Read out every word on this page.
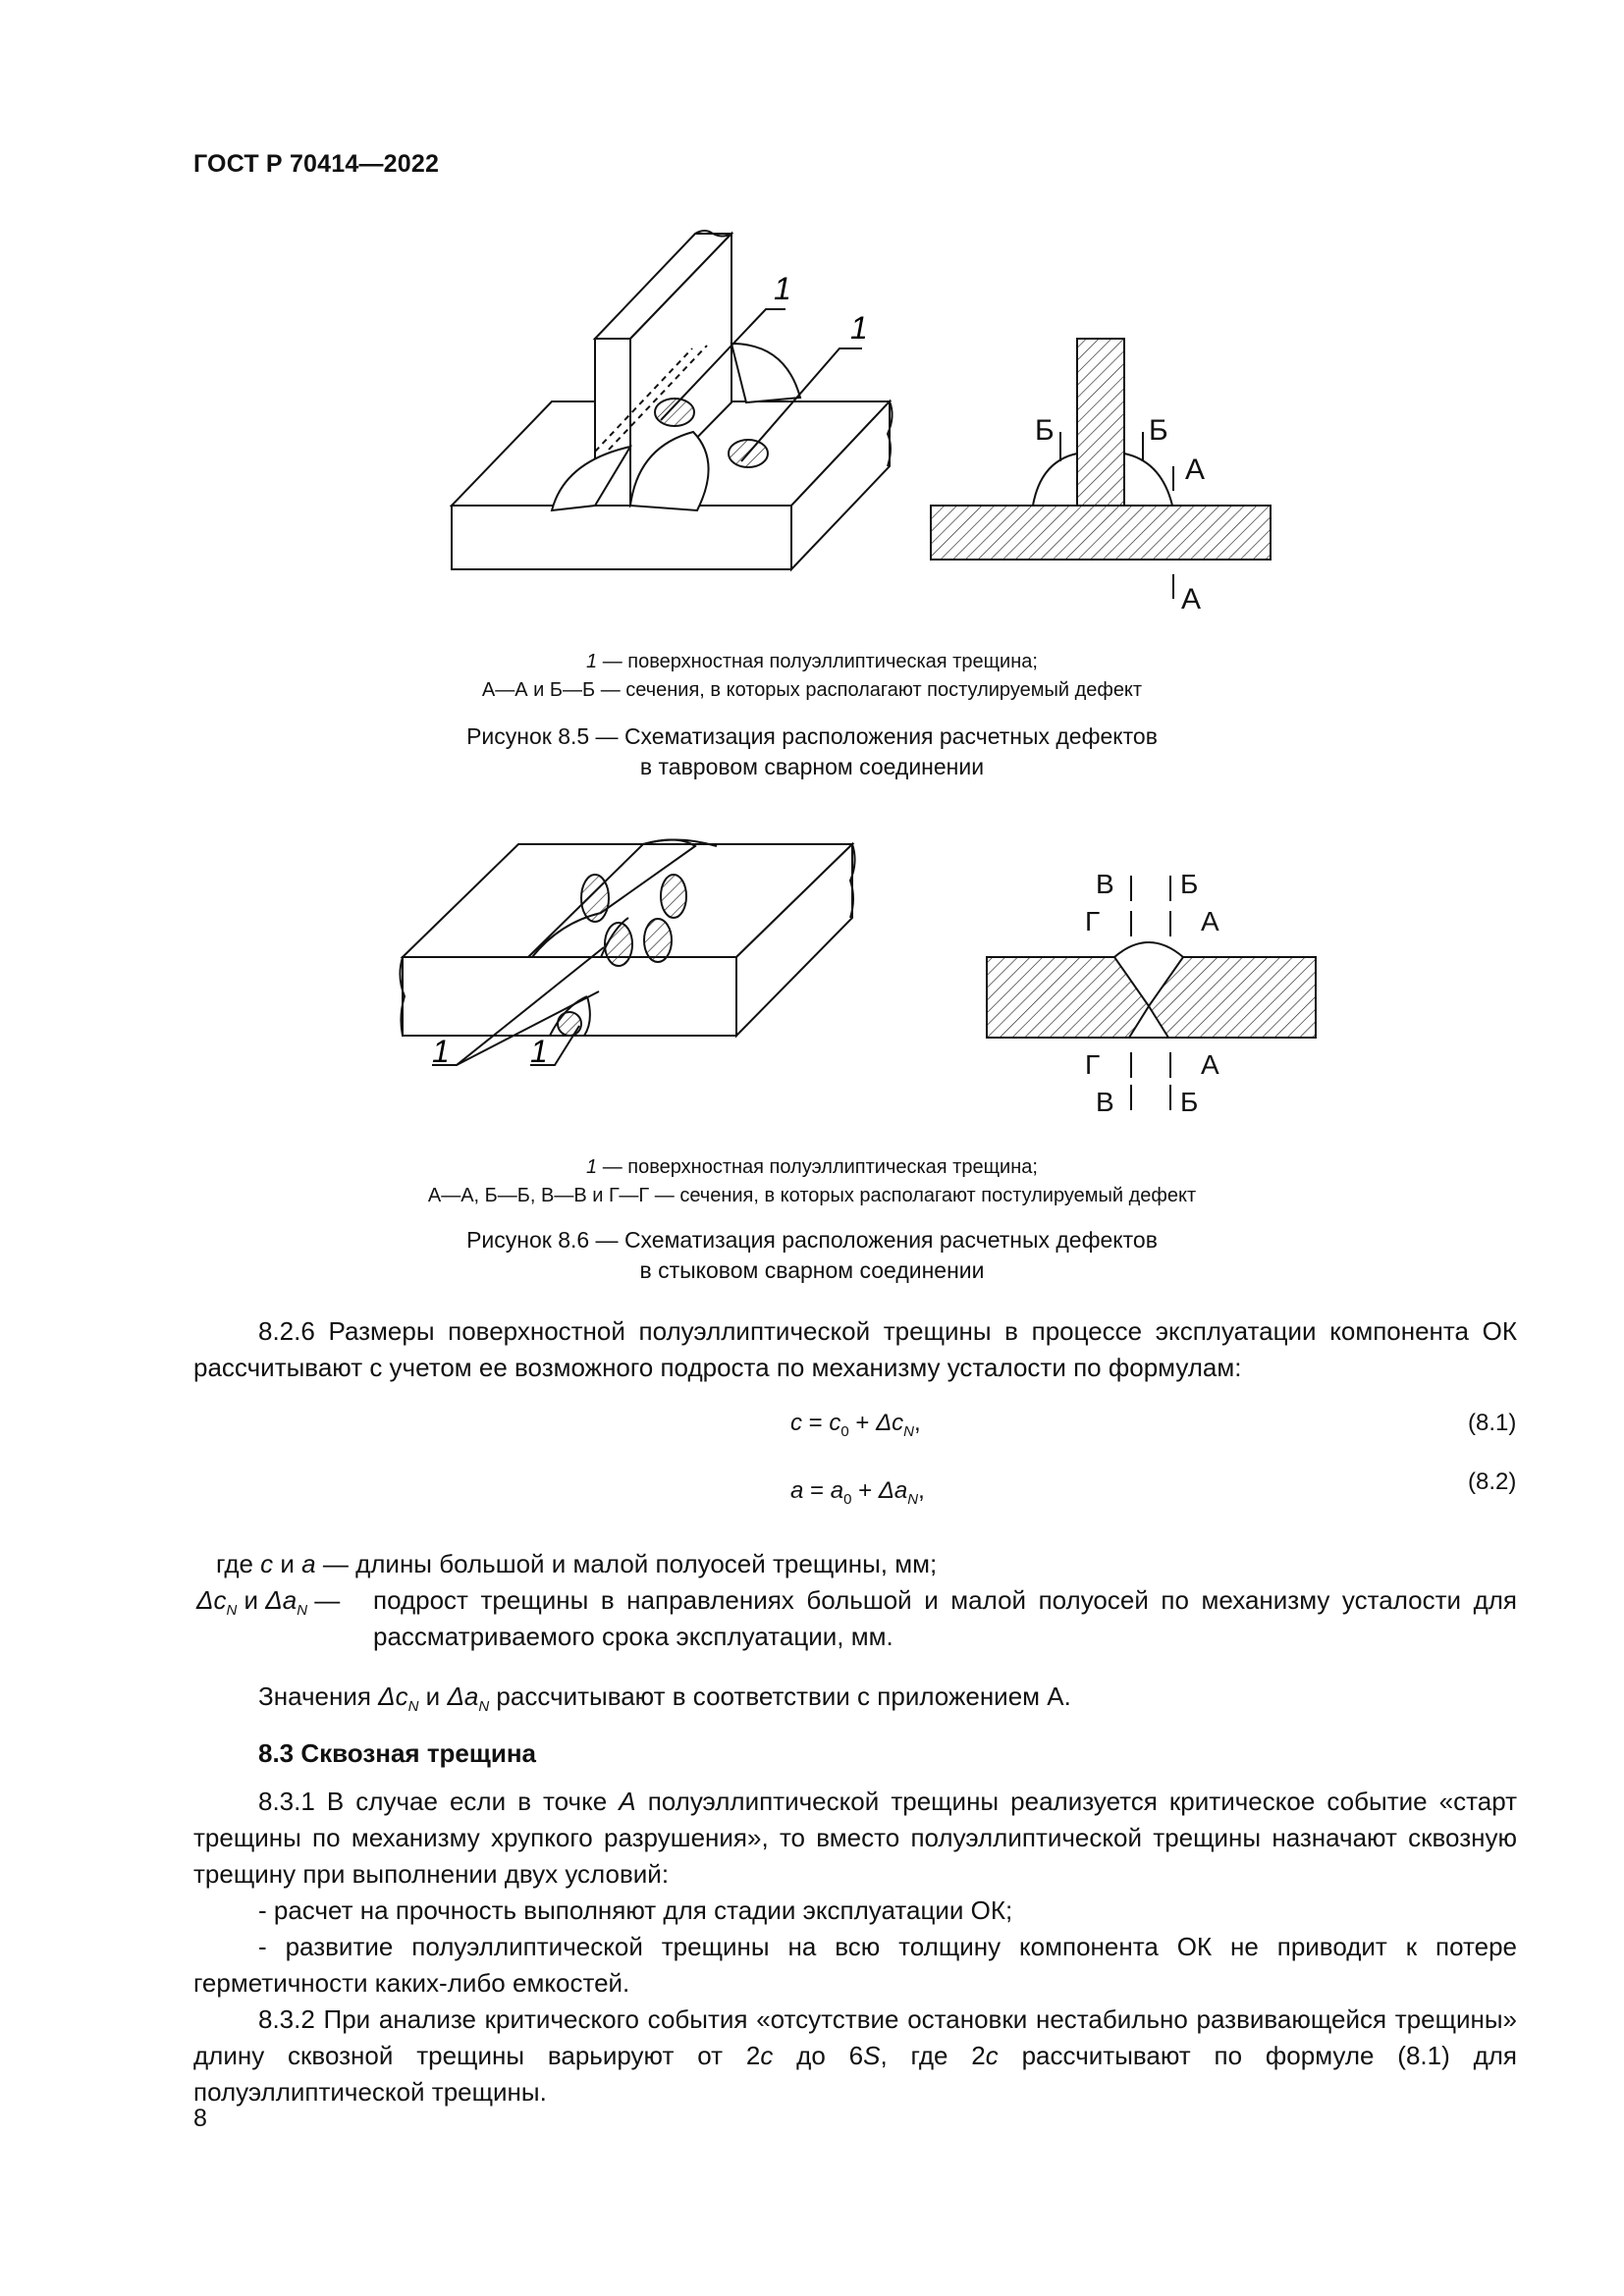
ГОСТ Р 70414—2022
1
1
Б	Б
А
А
1 — поверхностная полуэллиптическая трещина;
А—А и Б—Б — сечения, в которых располагают постулируемый дефект
Рисунок 8.5 — Схематизация расположения расчетных дефектов
в тавровом сварном соединении
1	1
В Б
Г	А
Г	А
В Б
1 — поверхностная полуэллиптическая трещина;
А—А, Б—Б, В—В и Г—Г — сечения, в которых располагают постулируемый дефект
Рисунок 8.6 — Схематизация расположения расчетных дефектов
в стыковом сварном соединении
8.2.6 Размеры поверхностной полуэллиптической трещины в процессе эксплуатации компонента ОК рассчитывают с учетом ее возможного подроста по механизму усталости по формулам:
$c = c_0 + \Delta c_N$,	(8.1)
$a = a_0 + \Delta a_N$,	(8.2)
где c и a — длины большой и малой полуосей трещины, мм;
$\Delta c_N$ и $\Delta a_N$ — подрост трещины в направлениях большой и малой полуосей по механизму усталости для рассматриваемого срока эксплуатации, мм.
Значения $\Delta c_N$ и $\Delta a_N$ рассчитывают в соответствии с приложением А.
8.3 Сквозная трещина
8.3.1 В случае если в точке А полуэллиптической трещины реализуется критическое событие «старт трещины по механизму хрупкого разрушения», то вместо полуэллиптической трещины назначают сквозную трещину при выполнении двух условий:
- расчет на прочность выполняют для стадии эксплуатации ОК;
- развитие полуэллиптической трещины на всю толщину компонента ОК не приводит к потере герметичности каких-либо емкостей.
8.3.2 При анализе критического события «отсутствие остановки нестабильно развивающейся трещины» длину сквозной трещины варьируют от 2c до 6S, где 2c рассчитывают по формуле (8.1) для полуэллиптической трещины.
8
